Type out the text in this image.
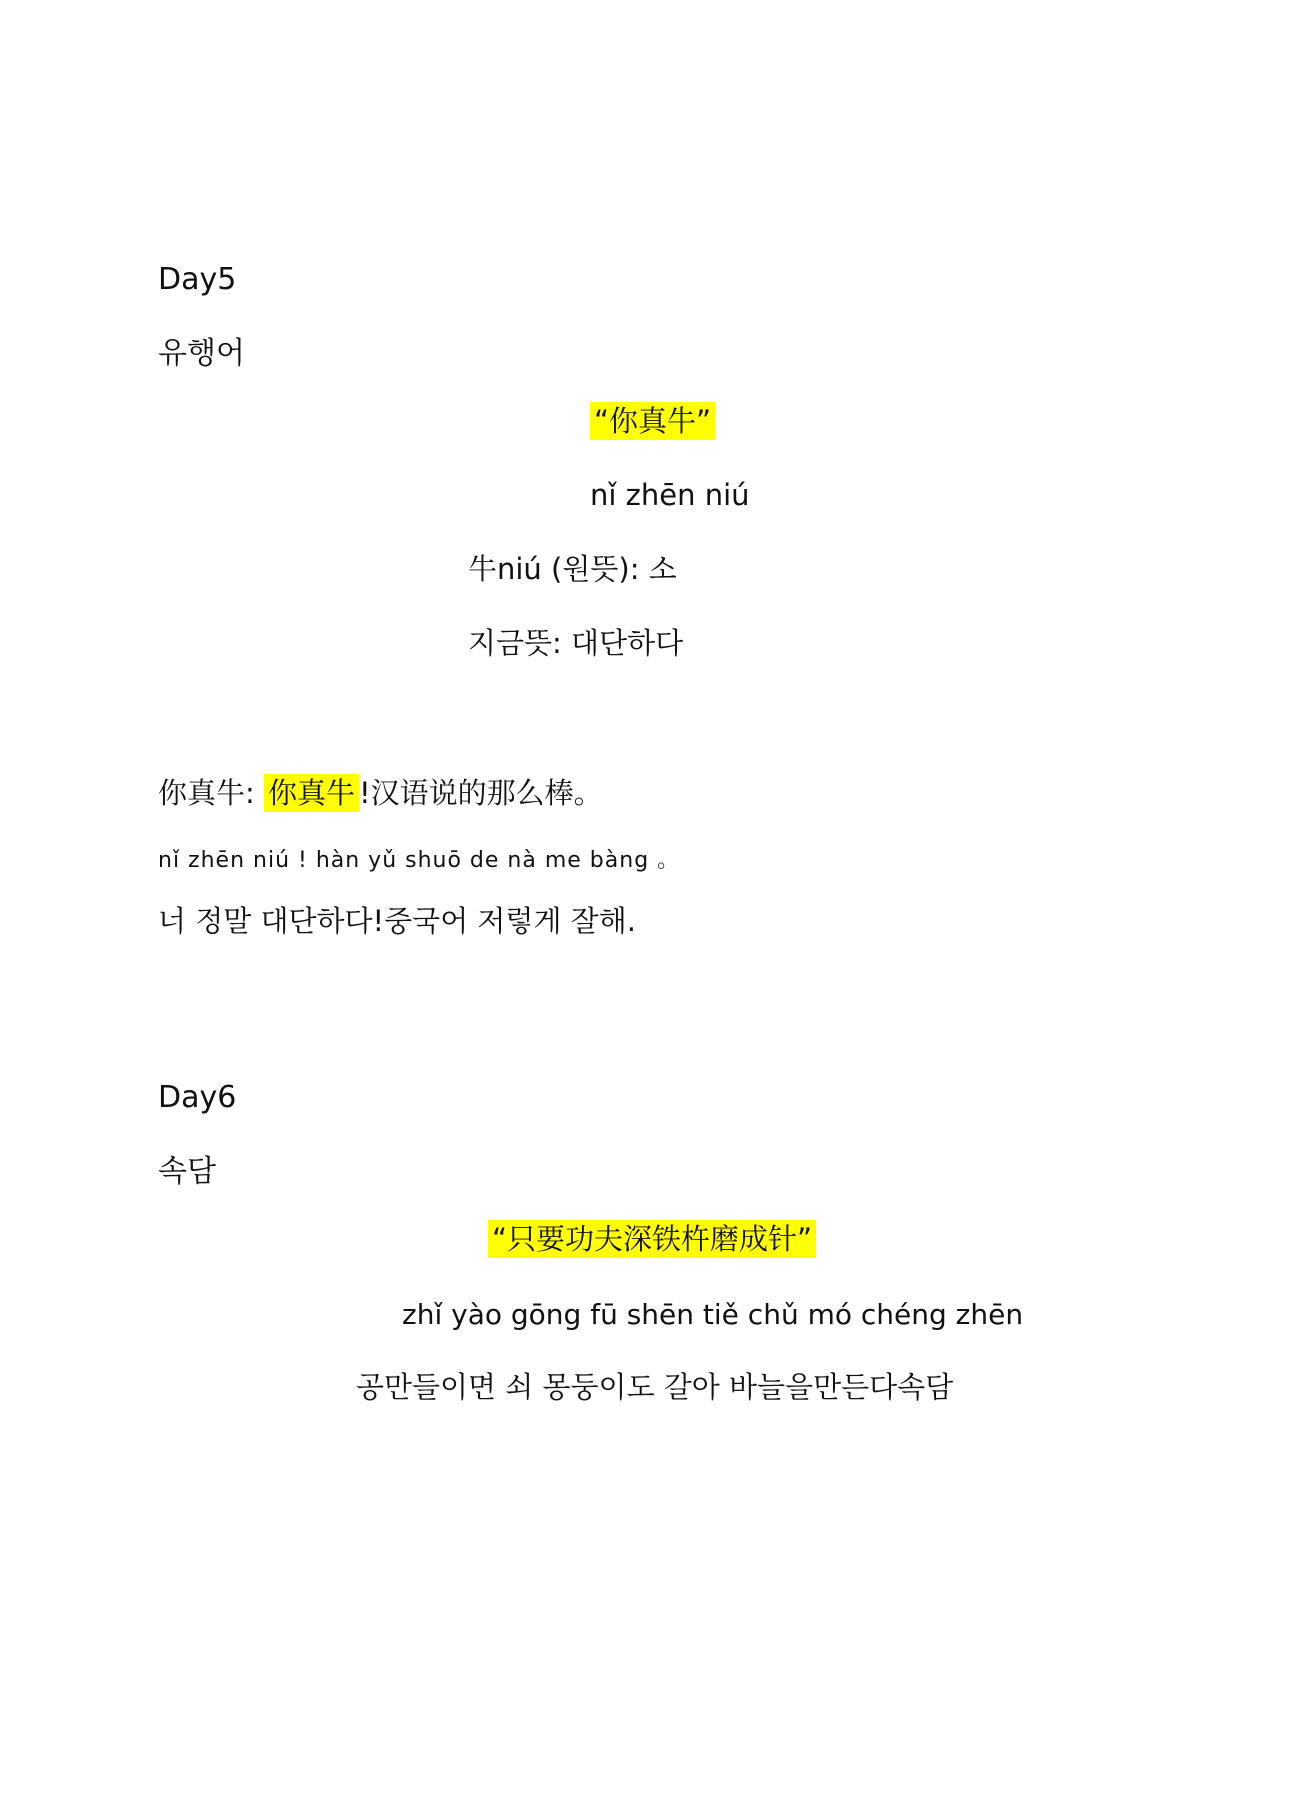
Day5
유행어
“你真牛”
nǐ zhēn niú
牛niú (원뜻): 소
지금뜻: 대단하다
你真牛: 你真牛 !汉语说的那么棒。
nǐ zhēn niú ! hàn yǔ shuō de nà me bàng 。
너 정말 대단하다!중국어 저렇게 잘해.
Day6
속담
“只要功夫深铁杵磨成针”
zhǐ yào gōng fū shēn tiě chǔ mó chéng zhēn
공만들이면 쇠 몽둥이도 갈아 바늘을만든다속담
